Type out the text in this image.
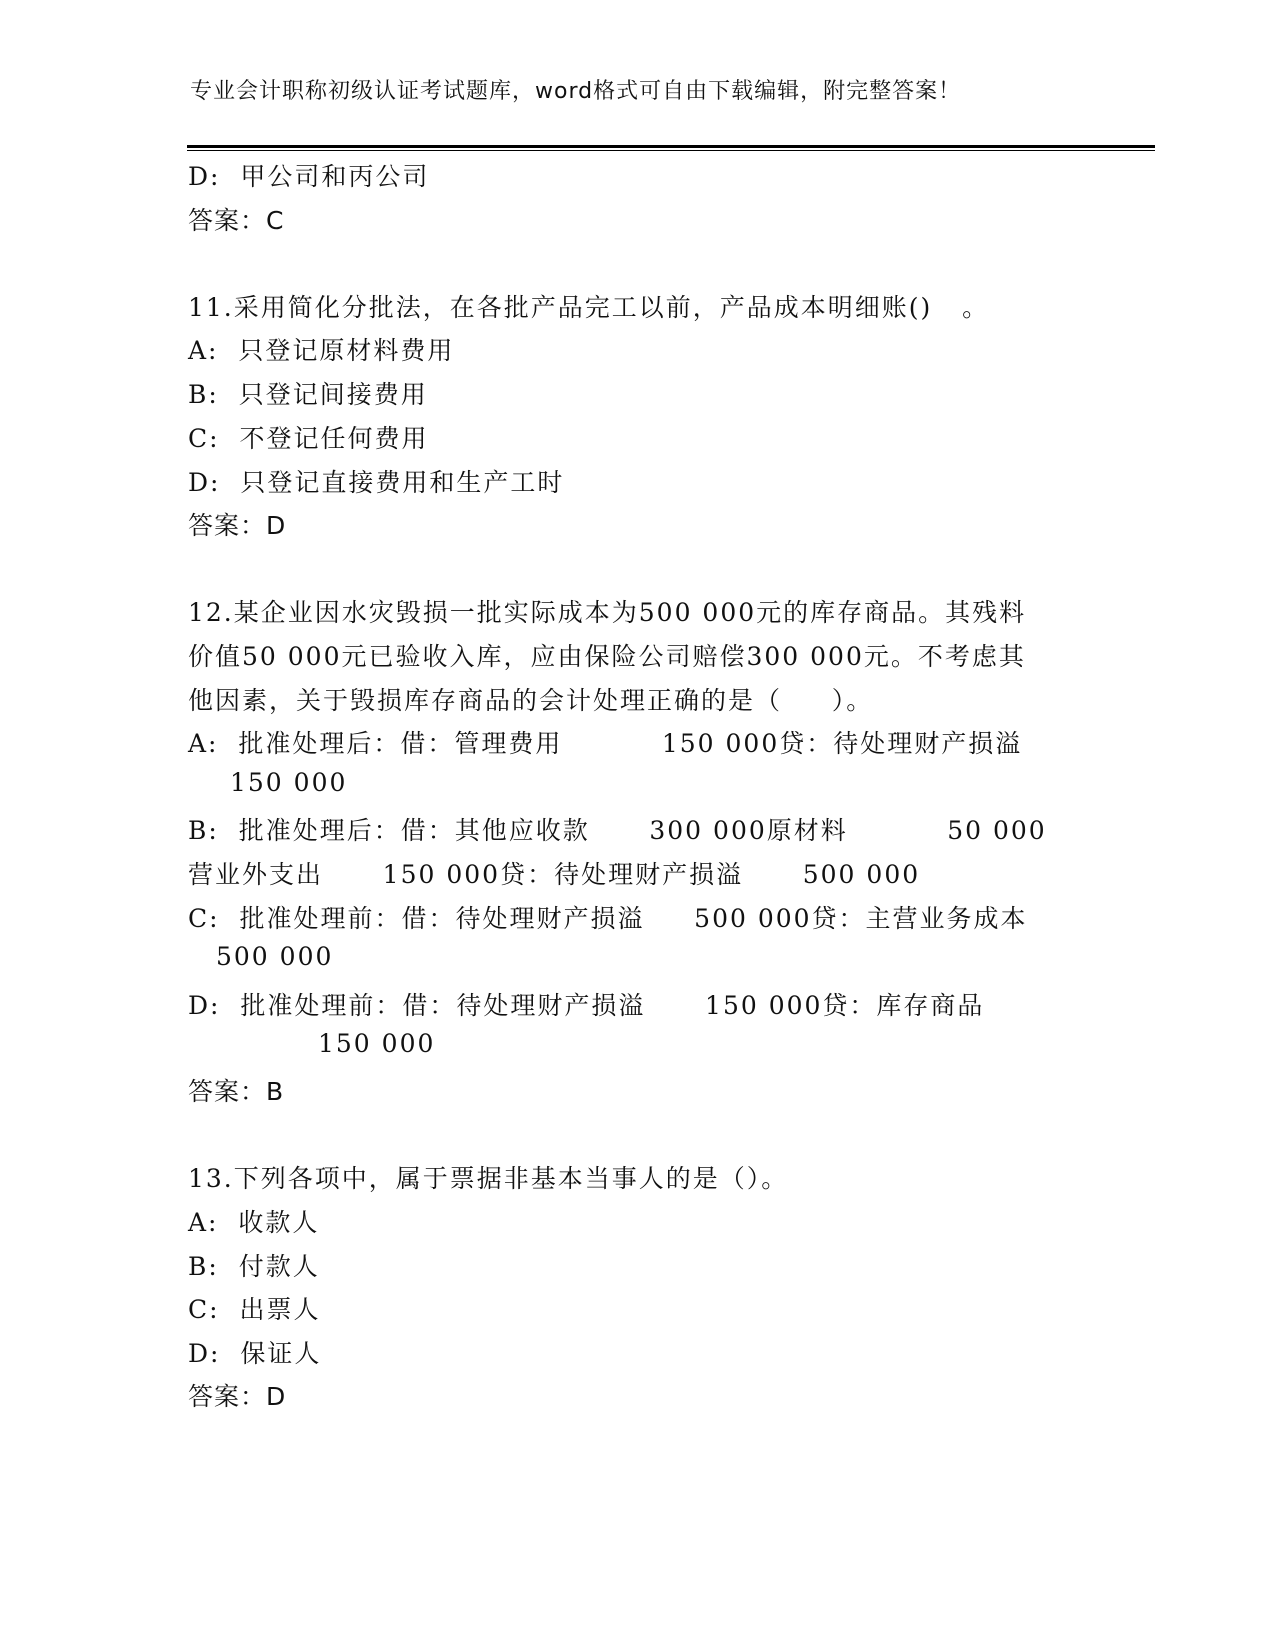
专业会计职称初级认证考试题库，word格式可自由下载编辑，附完整答案！
D:  甲公司和丙公司
答案：C
11.采用简化分批法，在各批产品完工以前，产品成本明细账()   。
A:  只登记原材料费用
B:  只登记间接费用
C:  不登记任何费用
D:  只登记直接费用和生产工时
答案：D
12.某企业因水灾毁损一批实际成本为500 000元的库存商品。其残料
价值50 000元已验收入库，应由保险公司赔偿300 000元。不考虑其
他因素，关于毁损库存商品的会计处理正确的是（     ）。
A:  批准处理后：借：管理费用          150 000贷：待处理财产损溢
150 000
B:  批准处理后：借：其他应收款      300 000原材料          50 000
营业外支出      150 000贷：待处理财产损溢      500 000
C:  批准处理前：借：待处理财产损溢     500 000贷：主营业务成本
500 000
D:  批准处理前：借：待处理财产损溢      150 000贷：库存商品
150 000
答案：B
13.下列各项中，属于票据非基本当事人的是（）。
A:  收款人
B:  付款人
C:  出票人
D:  保证人
答案：D
